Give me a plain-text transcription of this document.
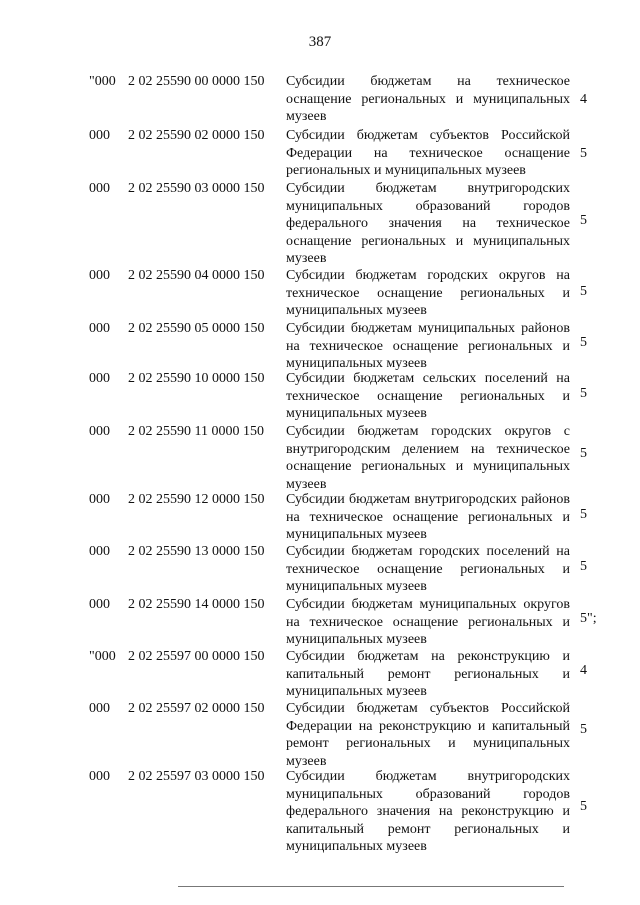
387
"000 2 02 25590 00 0000 150 Субсидии бюджетам на техническое оснащение региональных и муниципальных музеев
4
000 2 02 25590 02 0000 150 Субсидии бюджетам субъектов Российской Федерации на техническое оснащение региональных и муниципальных музеев
5
000 2 02 25590 03 0000 150 Субсидии бюджетам внутригородских муниципальных образований городов федерального значения на техническое оснащение региональных и муниципальных музеев
5
000 2 02 25590 04 0000 150 Субсидии бюджетам городских округов на техническое оснащение региональных и муниципальных музеев
5
000 2 02 25590 05 0000 150 Субсидии бюджетам муниципальных районов на техническое оснащение региональных и муниципальных музеев
5
000 2 02 25590 10 0000 150 Субсидии бюджетам сельских поселений на техническое оснащение региональных и муниципальных музеев
5
000 2 02 25590 11 0000 150 Субсидии бюджетам городских округов с внутригородским делением на техническое оснащение региональных и муниципальных музеев
5
000 2 02 25590 12 0000 150 Субсидии бюджетам внутригородских районов на техническое оснащение региональных и муниципальных музеев
5
000 2 02 25590 13 0000 150 Субсидии бюджетам городских поселений на техническое оснащение региональных и муниципальных музеев
5
000 2 02 25590 14 0000 150 Субсидии бюджетам муниципальных округов на техническое оснащение региональных и муниципальных музеев
5";
"000 2 02 25597 00 0000 150 Субсидии бюджетам на реконструкцию и капитальный ремонт региональных и муниципальных музеев
4
000 2 02 25597 02 0000 150 Субсидии бюджетам субъектов Российской Федерации на реконструкцию и капитальный ремонт региональных и муниципальных музеев
5
000 2 02 25597 03 0000 150 Субсидии бюджетам внутригородских муниципальных образований городов федерального значения на реконструкцию и капитальный ремонт региональных и муниципальных музеев
5
